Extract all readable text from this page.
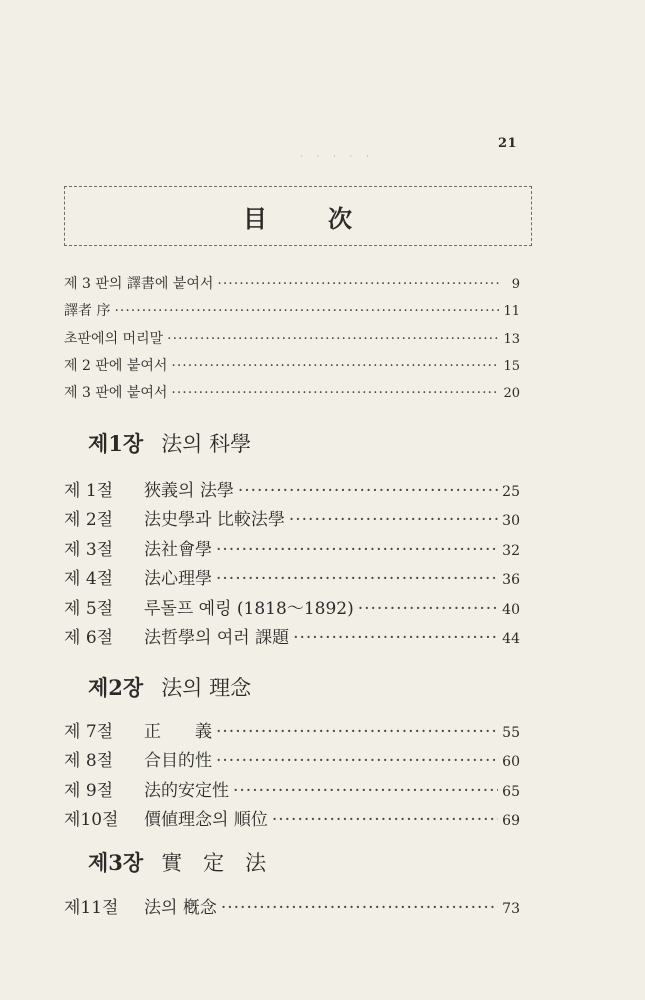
21
·····
目	次
제 3 판의 譯書에 붙여서 ·····	9
譯者 序 ·····	11
초판에의 머리말 ·····	13
제 2 판에 붙여서 ·····	15
제 3 판에 붙여서 ·····	20
제1장 法의 科學
제 1절 狹義의 法學 ·····	25
제 2절 法史學과 比較法學 ·····	30
제 3절 法社會學 ·····	32
제 4절 法心理學 ·····	36
제 5절 루돌프 예링 (1818～1892) ·····	40
제 6절 法哲學의 여러 課題 ·····	44
제2장 法의 理念
제 7절 正　　義 ·····	55
제 8절 合目的性 ·····	60
제 9절 法的安定性 ·····	65
제10절 價値理念의 順位 ·····	69
제3장 實　定　法
제11절 法의 槪念 ·····	73
